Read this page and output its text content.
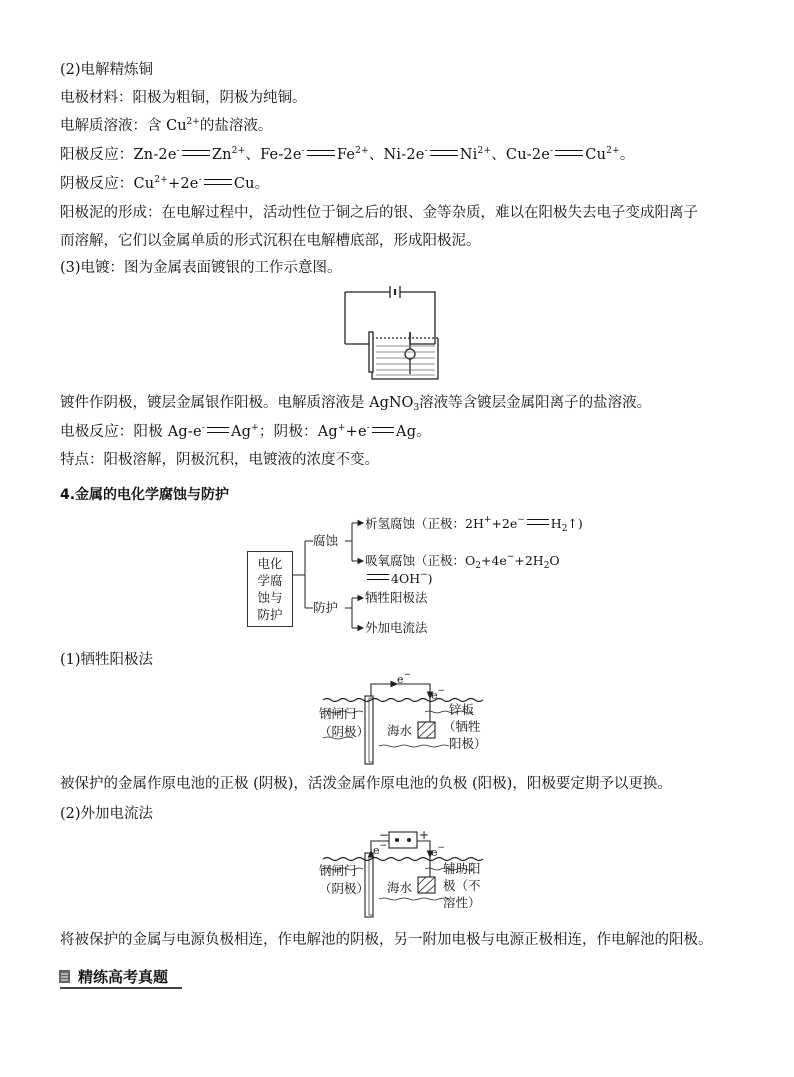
(2)电解精炼铜
电极材料：阳极为粗铜，阴极为纯铜。
电解质溶液：含 $Cu^{2+}$的盐溶液。
阳极反应：Zn-2e- $Zn^{2+}$、Fe-2e- $Fe^{2+}$、Ni-2e- $Ni^{2+}$、Cu-2e- $Cu^{2+}$。
阴极反应：$Cu^{2+}+2e^-$ Cu。
阳极泥的形成：在电解过程中，活动性位于铜之后的银、金等杂质，难以在阳极失去电子变成阳离子
而溶解，它们以金属单质的形式沉积在电解槽底部，形成阳极泥。
(3)电镀：图为金属表面镀银的工作示意图。
镀件作阴极，镀层金属银作阳极。电解质溶液是 AgNO$_3$溶液等含镀层金属阳离子的盐溶液。
电极反应：阳极 Ag-e- Ag+；阴极：Ag++e- Ag。
特点：阳极溶解，阴极沉积，电镀液的浓度不变。
4.金属的电化学腐蚀与防护
电化学腐蚀与防护
腐蚀
析氢腐蚀（正极：2H++2e− $H_2↑$)
吸氧腐蚀（正极：$O_2+4e^-+2H_2O$
4OH−)
防护
牺牲阳极法
外加电流法
(1)牺牲阳极法
e−
e−
钢闸门
（阴极） 海水
锌板
（牺牲
阳极）
被保护的金属作原电池的正极 (阴极)，活泼金属作原电池的负极 (阳极)，阳极要定期予以更换。
(2)外加电流法
− +
e−	e−
钢闸门
（阴极） 海水
辅助阳
极（不
溶性）
将被保护的金属与电源负极相连，作电解池的阴极，另一附加电极与电源正极相连，作电解池的阳极。
精练高考真题
